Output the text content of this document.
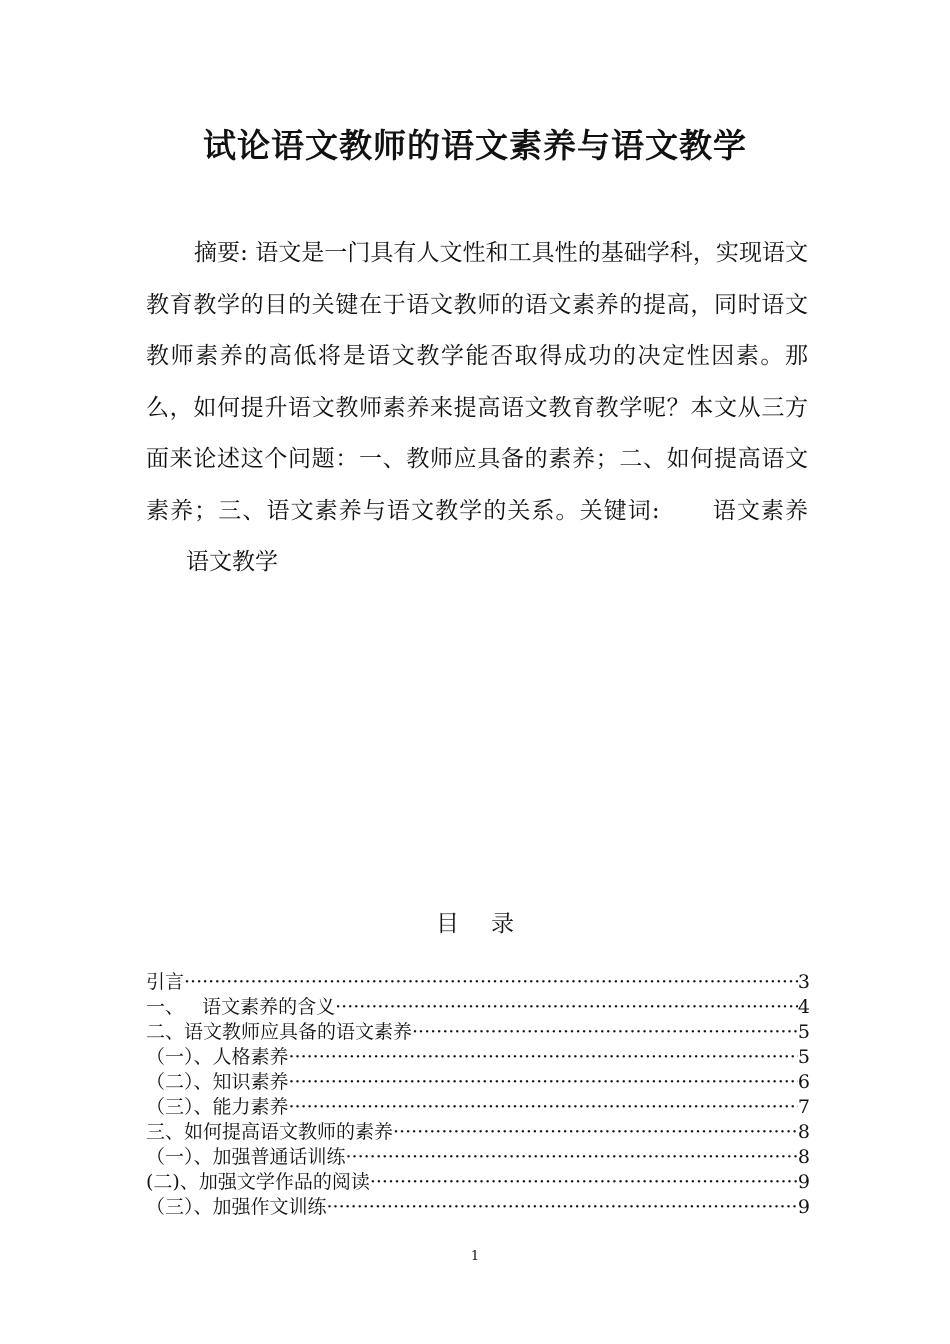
试论语文教师的语文素养与语文教学

摘要: 语文是一门具有人文性和工具性的基础学科，实现语文教育教学的目的关键在于语文教师的语文素养的提高，同时语文教师素养的高低将是语文教学能否取得成功的决定性因素。那么，如何提升语文教师素养来提高语文教育教学呢？本文从三方面来论述这个问题：一、教师应具备的素养；二、如何提高语文素养；三、语文素养与语文教学的关系。关键词: 语文素养语文教学

目录
引言 ·····	3
一、   语文素养的含义 ·····	4
二、语文教师应具备的语文素养 ·····	5
（一）、人格素养 ·····	5
（二）、知识素养 ·····	6
（三）、能力素养 ·····	7
三、如何提高语文教师的素养 ·····	8
（一）、加强普通话训练 ·····	8
(二)、加强文学作品的阅读 ·····	9
（三）、加强作文训练 ·····	9
1
